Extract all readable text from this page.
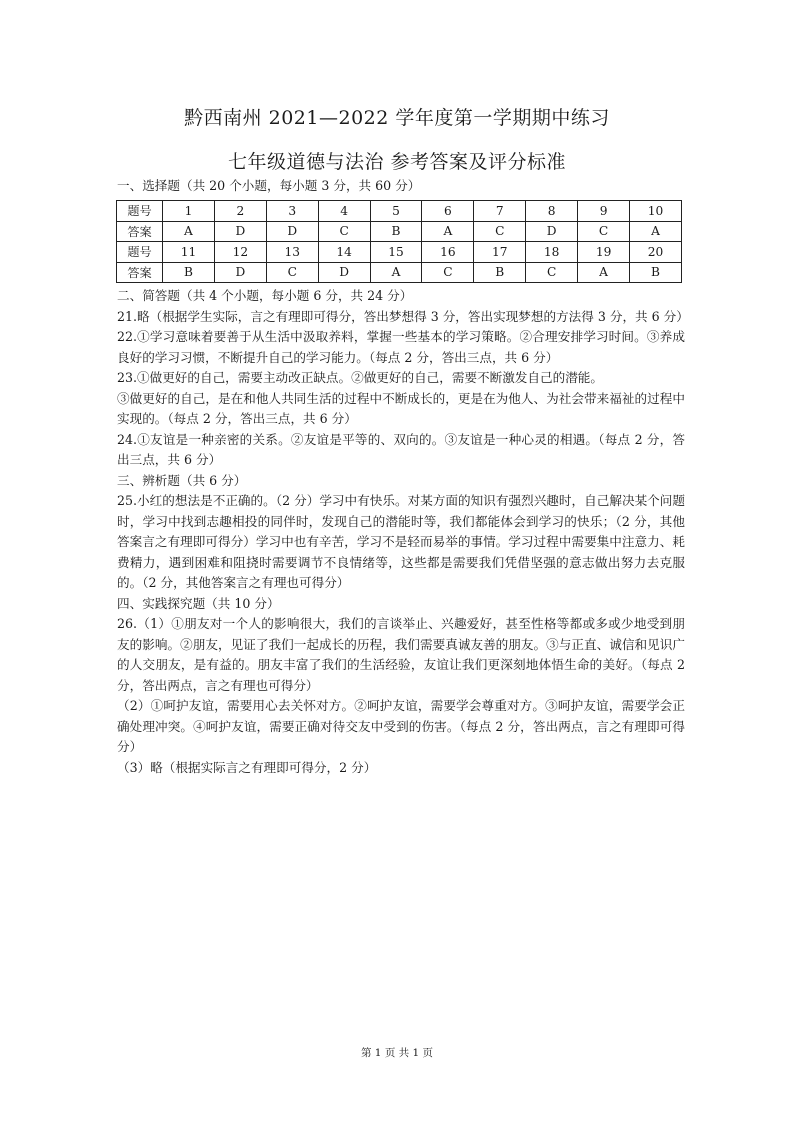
黔西南州 2021—2022 学年度第一学期期中练习
七年级道德与法治 参考答案及评分标准
一、选择题（共 20 个小题，每小题 3 分，共 60 分）
题号	1	2	3	4	5	6	7	8	9	10
答案	A	D	D	C	B	A	C	D	C	A
题号	11	12	13	14	15	16	17	18	19	20
答案	B	D	C	D	A	C	B	C	A	B

二、简答题（共 4 个小题，每小题 6 分，共 24 分）

21.略（根据学生实际，言之有理即可得分，答出梦想得 3 分，答出实现梦想的方法得 3 分，共 6 分）

22.①学习意味着要善于从生活中汲取养料，掌握一些基本的学习策略。②合理安排学习时间。③养成良好的学习习惯，不断提升自己的学习能力。（每点 2 分，答出三点，共 6 分）

23.①做更好的自己，需要主动改正缺点。②做更好的自己，需要不断激发自己的潜能。

③做更好的自己，是在和他人共同生活的过程中不断成长的，更是在为他人、为社会带来福祉的过程中实现的。（每点 2 分，答出三点，共 6 分）

24.①友谊是一种亲密的关系。②友谊是平等的、双向的。③友谊是一种心灵的相遇。（每点 2 分，答出三点，共 6 分）

三、辨析题（共 6 分）

25.小红的想法是不正确的。（2 分）学习中有快乐。对某方面的知识有强烈兴趣时，自己解决某个问题时，学习中找到志趣相投的同伴时，发现自己的潜能时等，我们都能体会到学习的快乐；（2 分，其他答案言之有理即可得分）学习中也有辛苦，学习不是轻而易举的事情。学习过程中需要集中注意力、耗费精力，遇到困难和阻挠时需要调节不良情绪等，这些都是需要我们凭借坚强的意志做出努力去克服的。（2 分，其他答案言之有理也可得分）

四、实践探究题（共 10 分）

26.（1）①朋友对一个人的影响很大，我们的言谈举止、兴趣爱好，甚至性格等都或多或少地受到朋友的影响。②朋友，见证了我们一起成长的历程，我们需要真诚友善的朋友。③与正直、诚信和见识广的人交朋友，是有益的。朋友丰富了我们的生活经验，友谊让我们更深刻地体悟生命的美好。（每点 2 分，答出两点，言之有理也可得分）

（2）①呵护友谊，需要用心去关怀对方。②呵护友谊，需要学会尊重对方。③呵护友谊，需要学会正确处理冲突。④呵护友谊，需要正确对待交友中受到的伤害。（每点 2 分，答出两点，言之有理即可得分）

（3）略（根据实际言之有理即可得分，2 分）

第 1 页 共 1 页
